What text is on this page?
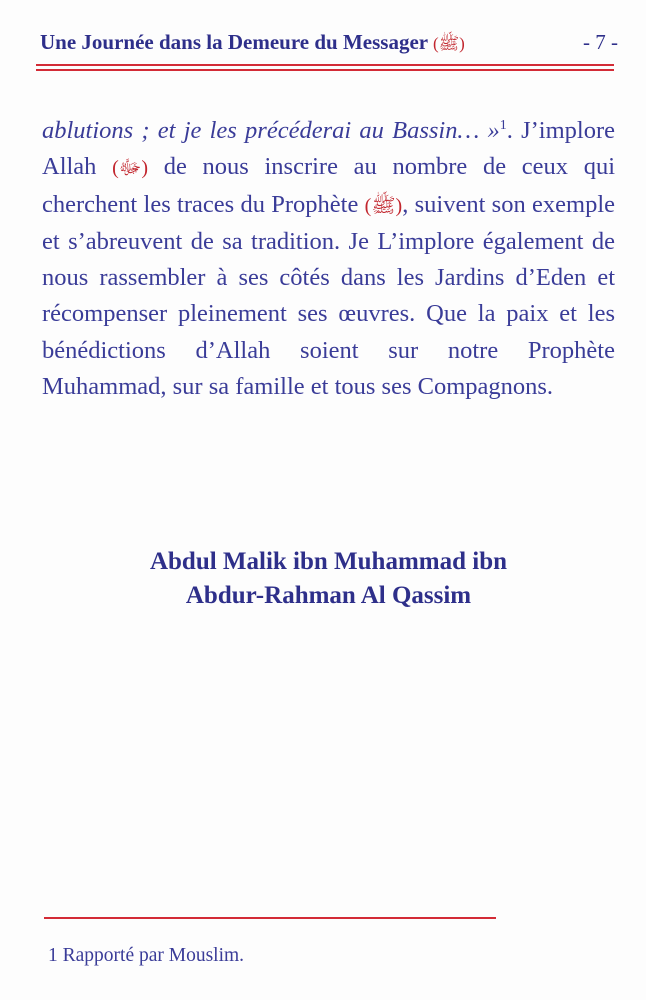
Une Journée dans la Demeure du Messager (ﷺ)	- 7 -
ablutions ; et je les précéderai au Bassin… »$^1$. J’implore Allah (ﷻ) de nous inscrire au nombre de ceux qui cherchent les traces du Prophète (ﷺ), suivent son exemple et s’abreuvent de sa tradition. Je L’implore également de nous rassembler à ses côtés dans les Jardins d’Eden et récompenser pleinement ses œuvres. Que la paix et les bénédictions d’Allah soient sur notre Prophète Muhammad, sur sa famille et tous ses Compagnons.
Abdul Malik ibn Muhammad ibn
Abdur-Rahman Al Qassim
1 Rapporté par Mouslim.
